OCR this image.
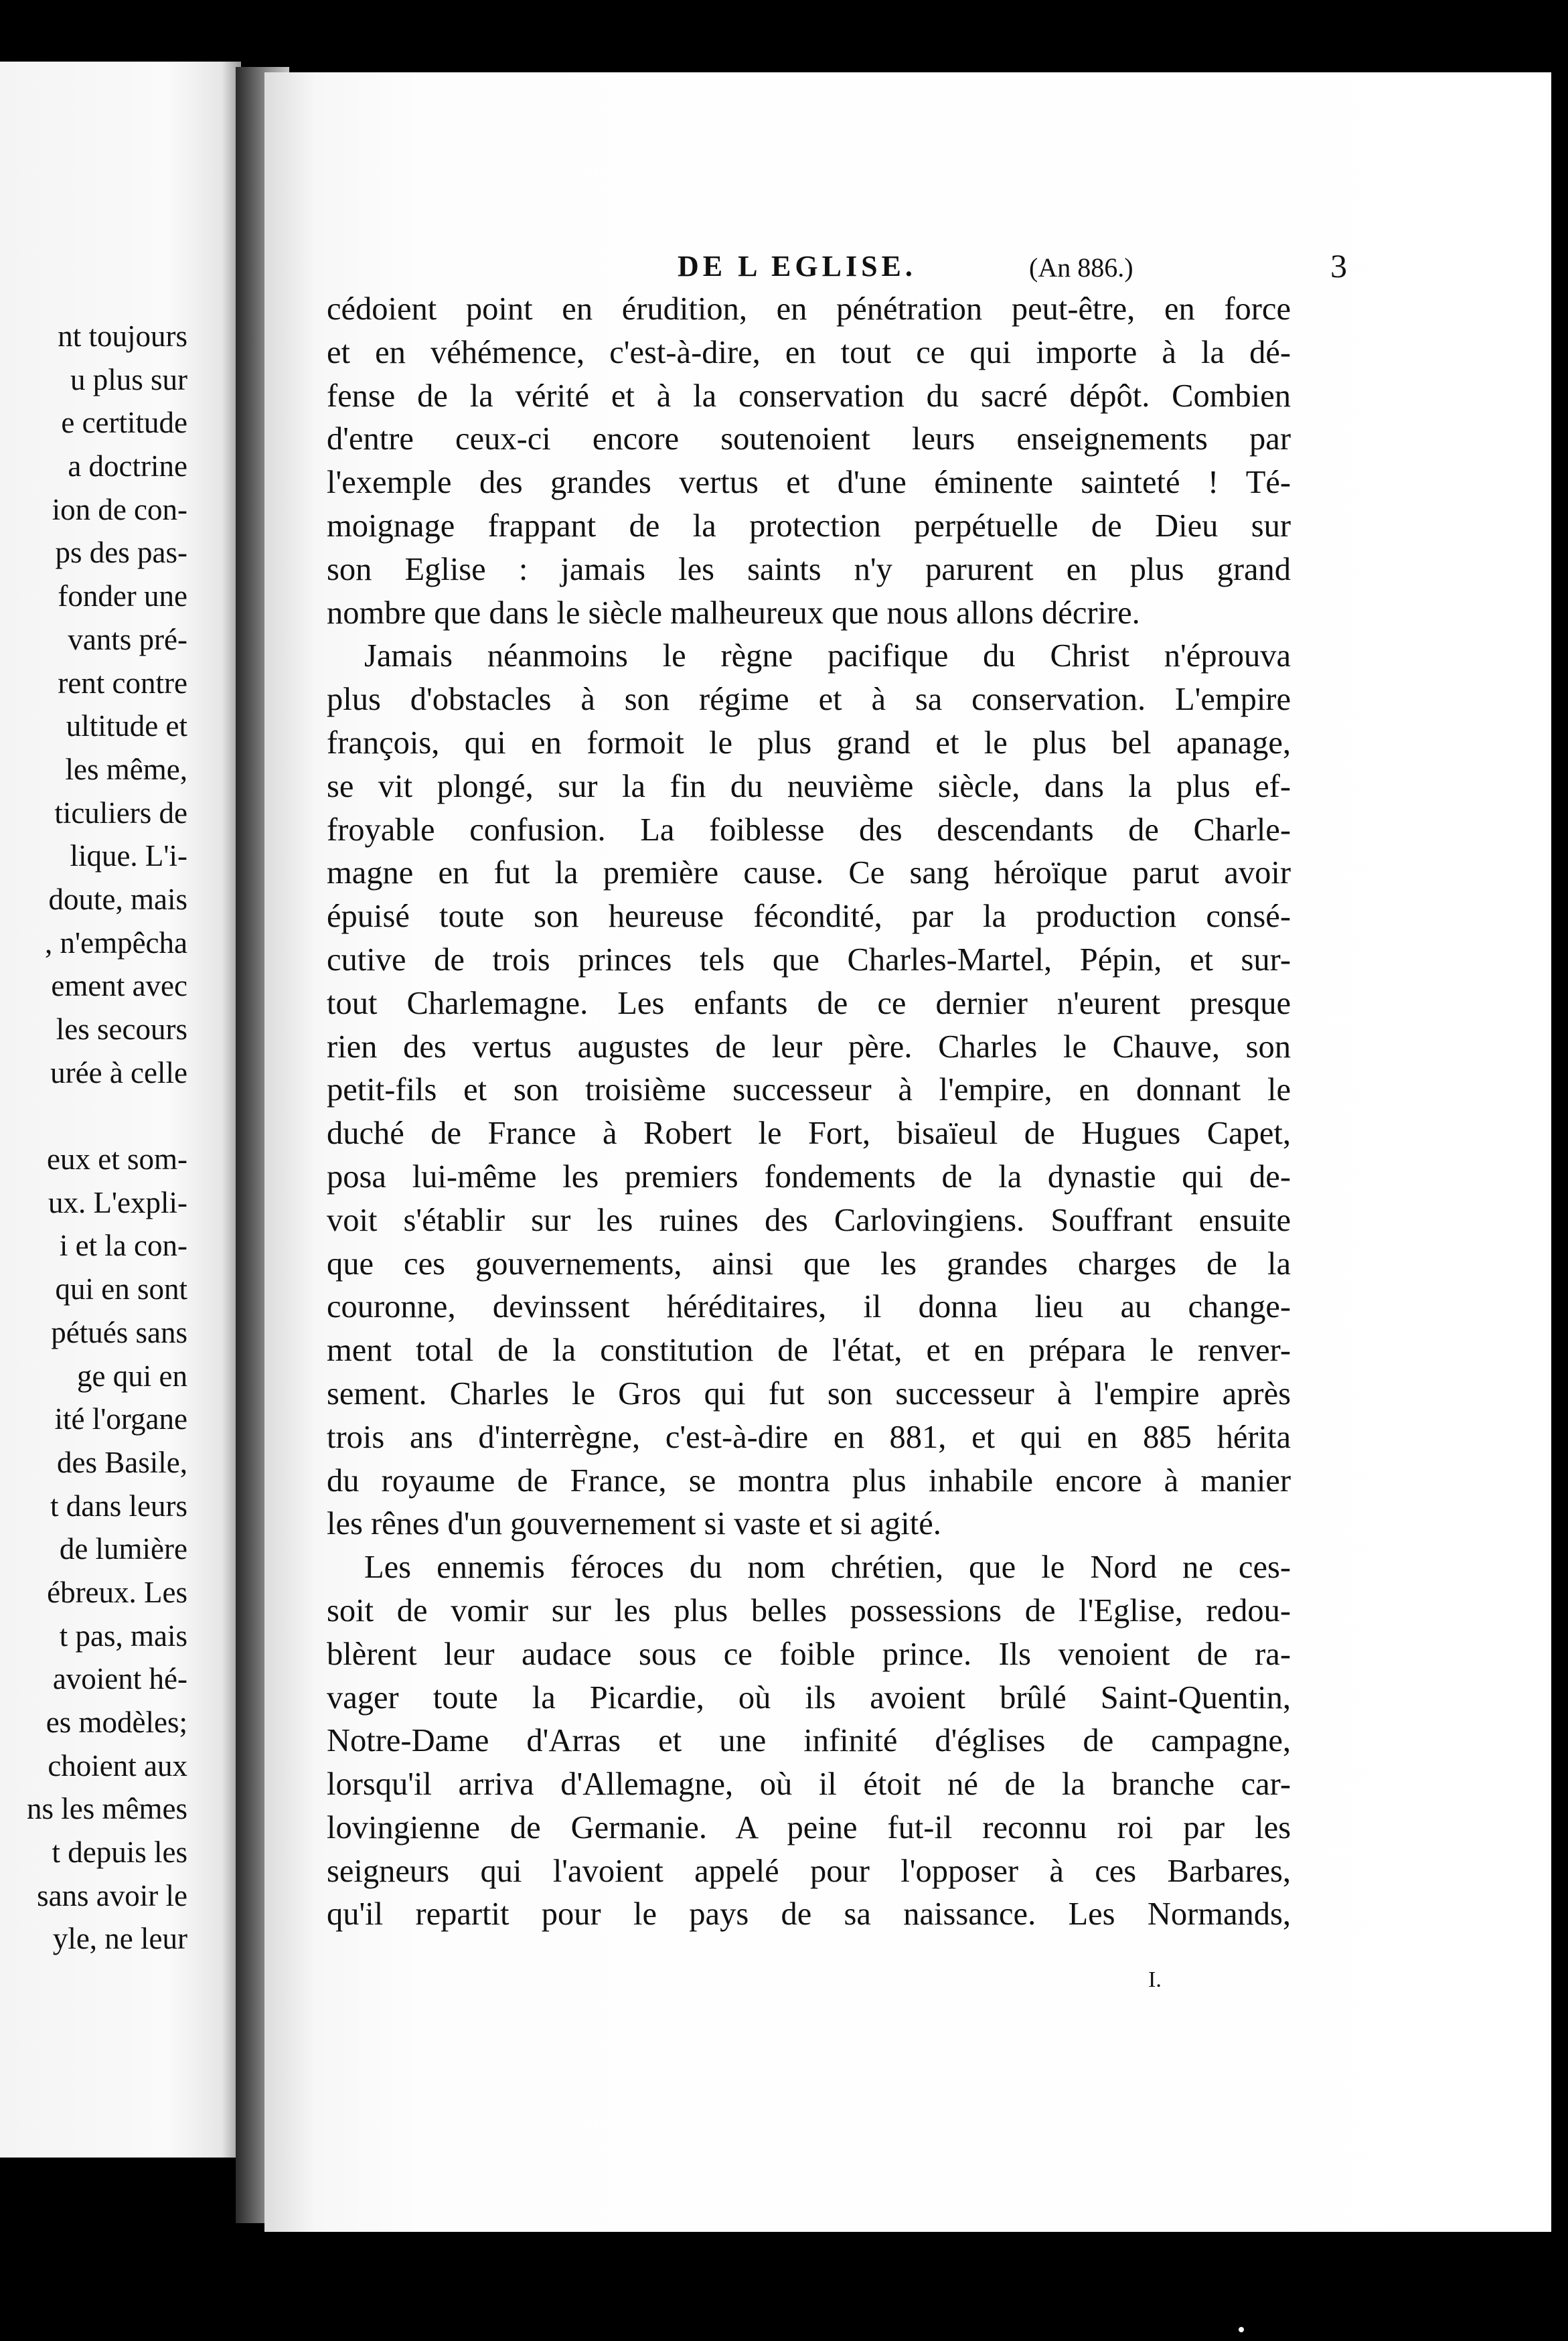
nt toujours
u plus sur
e certitude
a doctrine
ion de con-
ps des pas-
fonder une
vants pré-
rent contre
ultitude et
les même,
ticuliers de
lique. L'i-
doute, mais
, n'empêcha
ement avec
les secours
urée à celle
eux et som-
ux. L'expli-
i et la con-
qui en sont
pétués sans
ge qui en
ité l'organe
des Basile,
t dans leurs
de lumière
ébreux. Les
t pas, mais
avoient hé-
es modèles;
choient aux
ns les mêmes
t depuis les
sans avoir le
yle, ne leur
DE L EGLISE.	(An 886.)	3
cédoient point en érudition, en pénétration peut-être, en force
et en véhémence, c'est-à-dire, en tout ce qui importe à la dé-
fense de la vérité et à la conservation du sacré dépôt. Combien
d'entre ceux-ci encore soutenoient leurs enseignements par
l'exemple des grandes vertus et d'une éminente sainteté ! Té-
moignage frappant de la protection perpétuelle de Dieu sur
son Eglise : jamais les saints n'y parurent en plus grand
nombre que dans le siècle malheureux que nous allons décrire.
Jamais néanmoins le règne pacifique du Christ n'éprouva
plus d'obstacles à son régime et à sa conservation. L'empire
françois, qui en formoit le plus grand et le plus bel apanage,
se vit plongé, sur la fin du neuvième siècle, dans la plus ef-
froyable confusion. La foiblesse des descendants de Charle-
magne en fut la première cause. Ce sang héroïque parut avoir
épuisé toute son heureuse fécondité, par la production consé-
cutive de trois princes tels que Charles-Martel, Pépin, et sur-
tout Charlemagne. Les enfants de ce dernier n'eurent presque
rien des vertus augustes de leur père. Charles le Chauve, son
petit-fils et son troisième successeur à l'empire, en donnant le
duché de France à Robert le Fort, bisaïeul de Hugues Capet,
posa lui-même les premiers fondements de la dynastie qui de-
voit s'établir sur les ruines des Carlovingiens. Souffrant ensuite
que ces gouvernements, ainsi que les grandes charges de la
couronne, devinssent héréditaires, il donna lieu au change-
ment total de la constitution de l'état, et en prépara le renver-
sement. Charles le Gros qui fut son successeur à l'empire après
trois ans d'interrègne, c'est-à-dire en 881, et qui en 885 hérita
du royaume de France, se montra plus inhabile encore à manier
les rênes d'un gouvernement si vaste et si agité.
Les ennemis féroces du nom chrétien, que le Nord ne ces-
soit de vomir sur les plus belles possessions de l'Eglise, redou-
blèrent leur audace sous ce foible prince. Ils venoient de ra-
vager toute la Picardie, où ils avoient brûlé Saint-Quentin,
Notre-Dame d'Arras et une infinité d'églises de campagne,
lorsqu'il arriva d'Allemagne, où il étoit né de la branche car-
lovingienne de Germanie. A peine fut-il reconnu roi par les
seigneurs qui l'avoient appelé pour l'opposer à ces Barbares,
qu'il repartit pour le pays de sa naissance. Les Normands,
I.
